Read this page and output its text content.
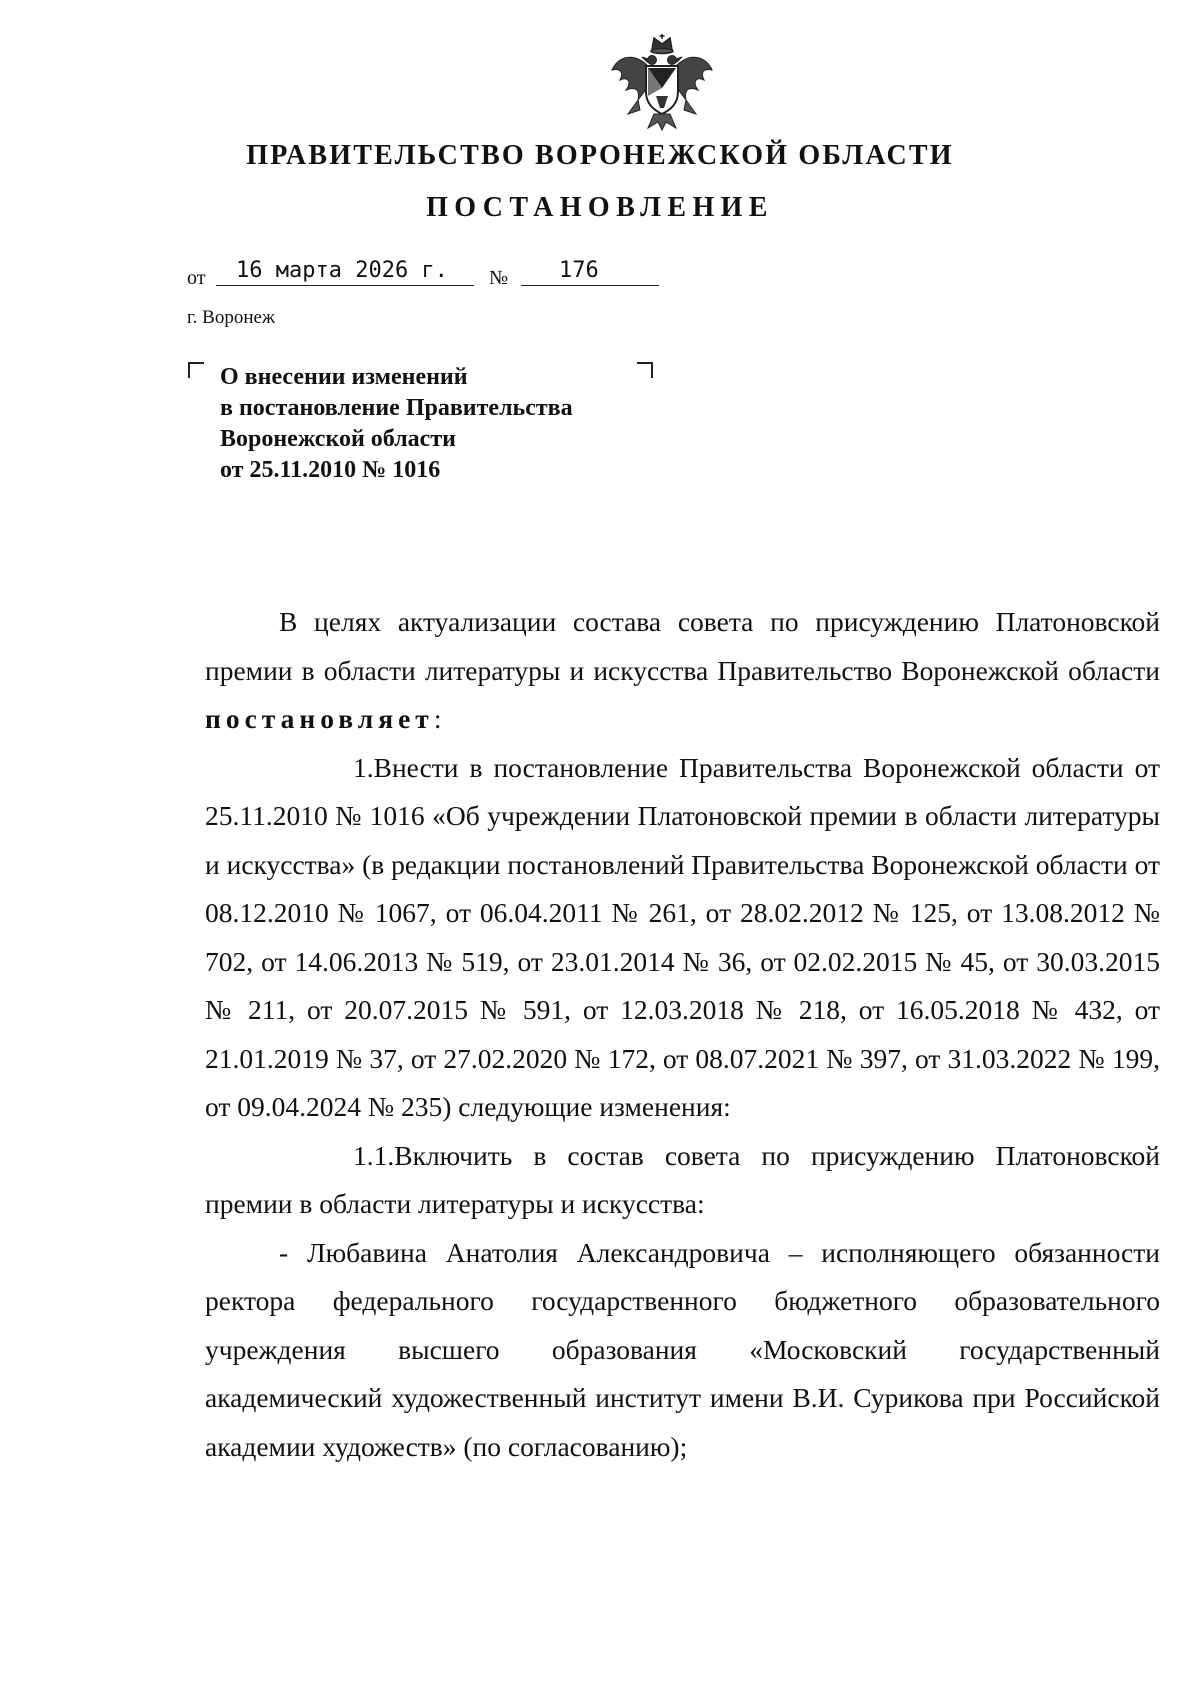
ПРАВИТЕЛЬСТВО ВОРОНЕЖСКОЙ ОБЛАСТИ
ПОСТАНОВЛЕНИЕ
от 16 марта 2026 г. № 176
г. Воронеж
О внесении изменений
в постановление Правительства
Воронежской области
от 25.11.2010 № 1016

В целях актуализации состава совета по присуждению Платоновской премии в области литературы и искусства Правительство Воронежской области постановляет:

1.Внести в постановление Правительства Воронежской области от 25.11.2010 № 1016 «Об учреждении Платоновской премии в области литературы и искусства» (в редакции постановлений Правительства Воронежской области от 08.12.2010 № 1067, от 06.04.2011 № 261, от 28.02.2012 № 125, от 13.08.2012 № 702, от 14.06.2013 № 519, от 23.01.2014 № 36, от 02.02.2015 № 45, от 30.03.2015 № 211, от 20.07.2015 № 591, от 12.03.2018 № 218, от 16.05.2018 № 432, от 21.01.2019 № 37, от 27.02.2020 № 172, от 08.07.2021 № 397, от 31.03.2022 № 199, от 09.04.2024 № 235) следующие изменения:

1.1.Включить в состав совета по присуждению Платоновской премии в области литературы и искусства:

- Любавина Анатолия Александровича – исполняющего обязанности ректора федерального государственного бюджетного образовательного учреждения высшего образования «Московский государственный академический художественный институт имени В.И. Сурикова при Российской академии художеств» (по согласованию);
